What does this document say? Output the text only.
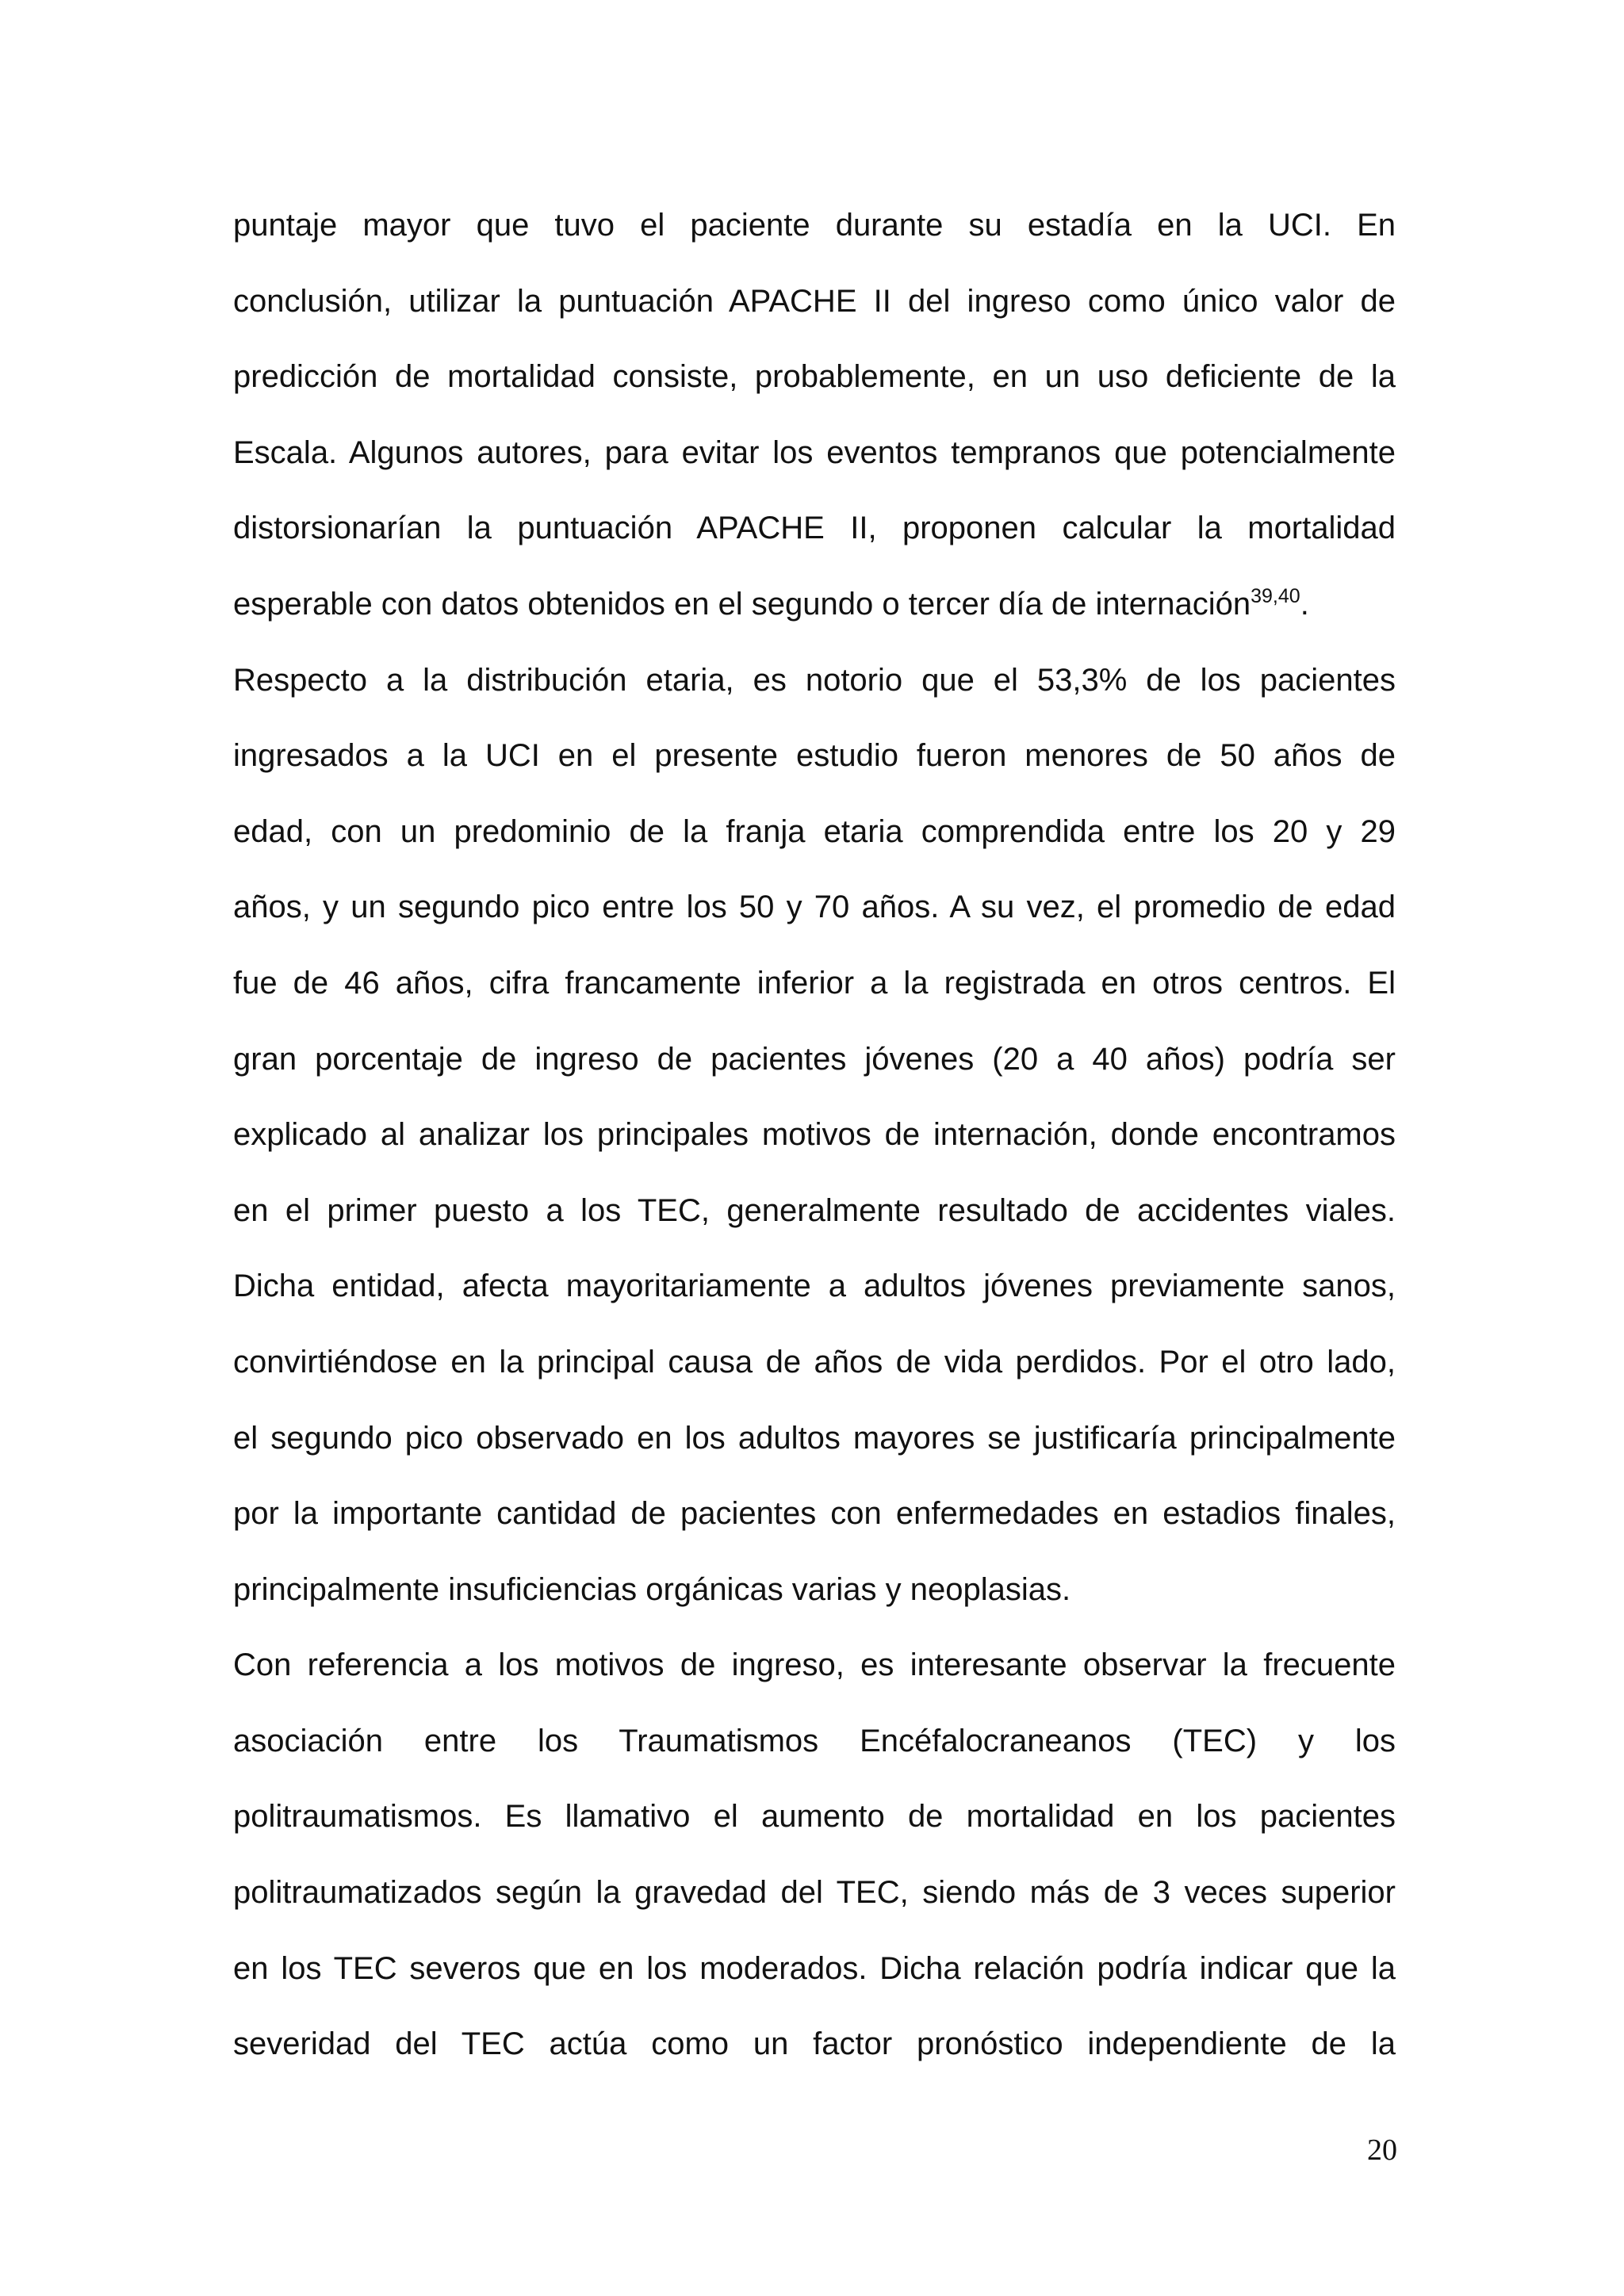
puntaje mayor que tuvo el paciente durante su estadía en la UCI. En
conclusión, utilizar la puntuación APACHE II del ingreso como único valor de
predicción de mortalidad consiste, probablemente, en un uso deficiente de la
Escala. Algunos autores, para evitar los eventos tempranos que potencialmente
distorsionarían la puntuación APACHE II, proponen calcular la mortalidad
esperable con datos obtenidos en el segundo o tercer día de internación$^{39,40}$.
Respecto a la distribución etaria, es notorio que el 53,3% de los pacientes
ingresados a la UCI en el presente estudio fueron menores de 50 años de
edad, con un predominio de la franja etaria comprendida entre los 20 y 29
años, y un segundo pico entre los 50 y 70 años. A su vez, el promedio de edad
fue de 46 años, cifra francamente inferior a la registrada en otros centros. El
gran porcentaje de ingreso de pacientes jóvenes (20 a 40 años) podría ser
explicado al analizar los principales motivos de internación, donde encontramos
en el primer puesto a los TEC, generalmente resultado de accidentes viales.
Dicha entidad, afecta mayoritariamente a adultos jóvenes previamente sanos,
convirtiéndose en la principal causa de años de vida perdidos. Por el otro lado,
el segundo pico observado en los adultos mayores se justificaría principalmente
por la importante cantidad de pacientes con enfermedades en estadios finales,
principalmente insuficiencias orgánicas varias y neoplasias.
Con referencia a los motivos de ingreso, es interesante observar la frecuente
asociación entre los Traumatismos Encéfalocraneanos (TEC) y los
politraumatismos. Es llamativo el aumento de mortalidad en los pacientes
politraumatizados según la gravedad del TEC, siendo más de 3 veces superior
en los TEC severos que en los moderados. Dicha relación podría indicar que la
severidad del TEC actúa como un factor pronóstico independiente de la
20
